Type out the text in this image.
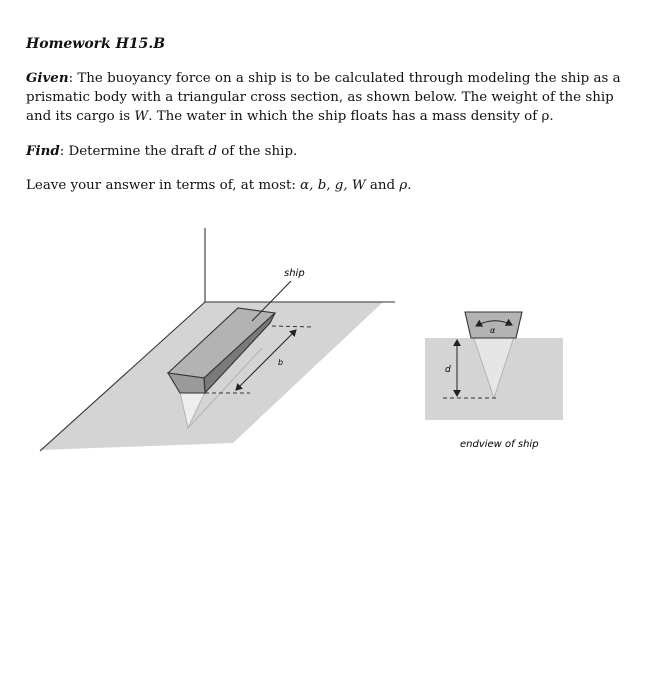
Homework H15.B
Given: The buoyancy force on a ship is to be calculated through modeling the ship as a prismatic body with a triangular cross section, as shown below. The weight of the ship and its cargo is W. The water in which the ship floats has a mass density of ρ.
Find: Determine the draft d of the ship.
Leave your answer in terms of, at most: α, b, g, W and ρ.
ship
b
α
d
endview of ship
